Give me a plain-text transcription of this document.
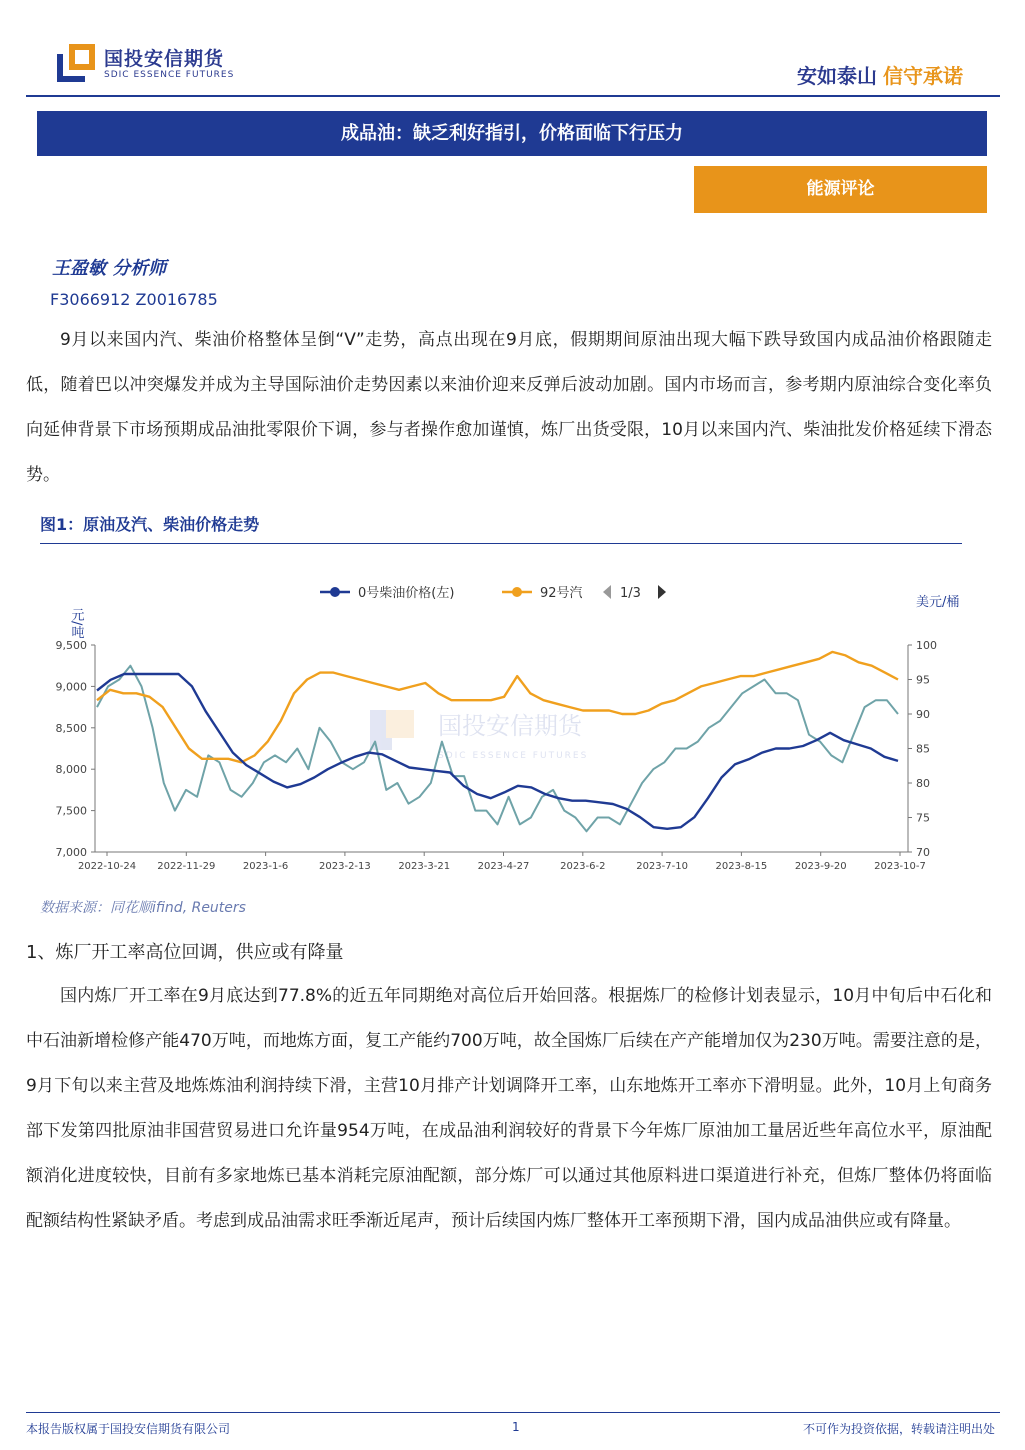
国投安信期货
SDIC ESSENCE FUTURES	安如泰山 信守承诺
成品油：缺乏利好指引，价格面临下行压力
能源评论
王盈敏 分析师
F3066912 Z0016785

9月以来国内汽、柴油价格整体呈倒“V”走势，高点出现在9月底，假期期间原油出现大幅下跌导致国内成品油价格跟随走低，随着巴以冲突爆发并成为主导国际油价走势因素以来油价迎来反弹后波动加剧。国内市场而言，参考期内原油综合变化率负向延伸背景下市场预期成品油批零限价下调，参与者操作愈加谨慎，炼厂出货受限，10月以来国内汽、柴油批发价格延续下滑态势。

图1：原油及汽、柴油价格走势
国投安信期货
SDIC ESSENCE FUTURES
0号柴油价格(左)	92号汽	1/3
元/吨
美元/桶
9,500
9,000
8,500
8,000
7,500
7,000
100
95
90
85
80
75
70
2022-10-24 2022-11-29	2023-1-6	2023-2-13	2023-3-21	2023-4-27	2023-6-2	2023-7-10	2023-8-15	2023-9-20	2023-10-7
数据来源：同花顺ifind, Reuters
1、炼厂开工率高位回调，供应或有降量

国内炼厂开工率在9月底达到77.8%的近五年同期绝对高位后开始回落。根据炼厂的检修计划表显示，10月中旬后中石化和中石油新增检修产能470万吨，而地炼方面，复工产能约700万吨，故全国炼厂后续在产产能增加仅为230万吨。需要注意的是，9月下旬以来主营及地炼炼油利润持续下滑，主营10月排产计划调降开工率，山东地炼开工率亦下滑明显。此外，10月上旬商务部下发第四批原油非国营贸易进口允许量954万吨，在成品油利润较好的背景下今年炼厂原油加工量居近些年高位水平，原油配额消化进度较快，目前有多家地炼已基本消耗完原油配额，部分炼厂可以通过其他原料进口渠道进行补充，但炼厂整体仍将面临配额结构性紧缺矛盾。考虑到成品油需求旺季渐近尾声，预计后续国内炼厂整体开工率预期下滑，国内成品油供应或有降量。

本报告版权属于国投安信期货有限公司	1	不可作为投资依据，转载请注明出处
